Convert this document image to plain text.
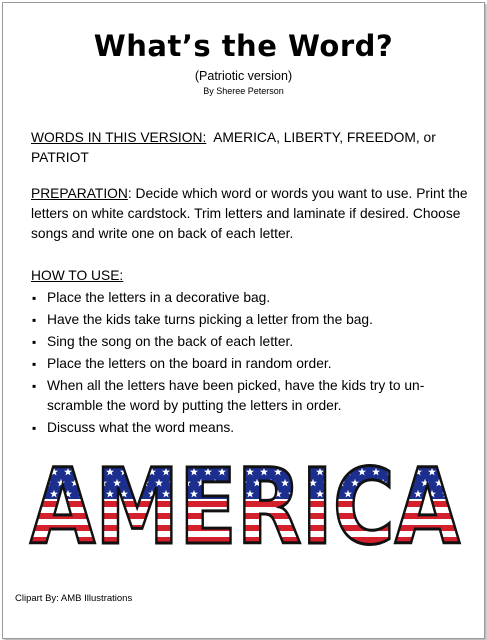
What’s the Word?
(Patriotic version)
By Sheree Peterson
WORDS IN THIS VERSION: AMERICA, LIBERTY, FREEDOM, or PATRIOT
PREPARATION: Decide which word or words you want to use. Print the letters on white cardstock. Trim letters and laminate if desired. Choose songs and write one on back of each letter.
HOW TO USE:
▪ Place the letters in a decorative bag.
▪ Have the kids take turns picking a letter from the bag.
▪ Sing the song on the back of each letter.
▪ Place the letters on the board in random order.
▪ When all the letters have been picked, have the kids try to un-scramble the word by putting the letters in order.
▪ Discuss what the word means.
AMERICA
Clipart By: AMB Illustrations
